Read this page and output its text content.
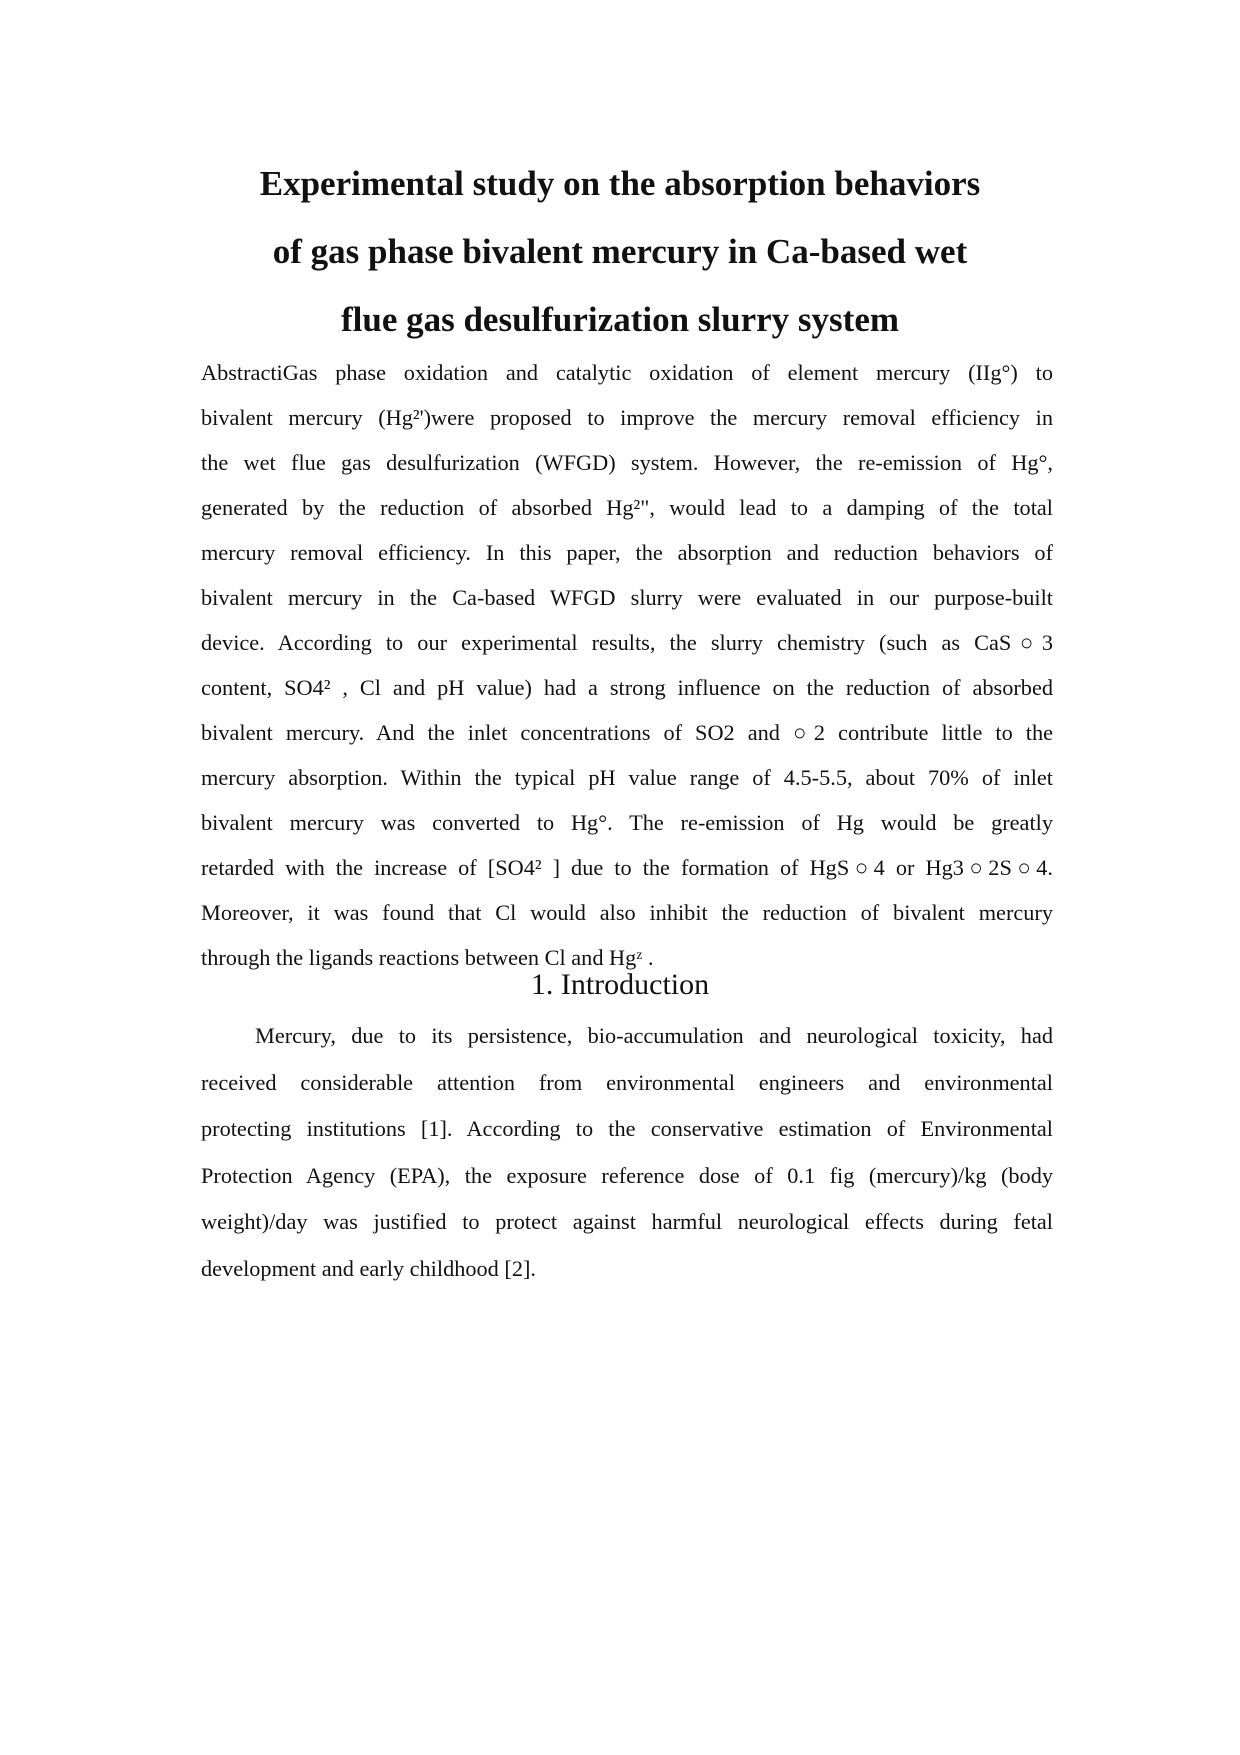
Experimental study on the absorption behaviors
of gas phase bivalent mercury in Ca-based wet
flue gas desulfurization slurry system
AbstractiGas phase oxidation and catalytic oxidation of element mercury (IIg°) to
bivalent mercury (Hg²')were proposed to improve the mercury removal efficiency in
the wet flue gas desulfurization (WFGD) system. However, the re-emission of Hg°,
generated by the reduction of absorbed Hg²", would lead to a damping of the total
mercury removal efficiency. In this paper, the absorption and reduction behaviors of
bivalent mercury in the Ca-based WFGD slurry were evaluated in our purpose-built
device. According to our experimental results, the slurry chemistry (such as CaS○3
content, SO4² , Cl and pH value) had a strong influence on the reduction of absorbed
bivalent mercury. And the inlet concentrations of SO2 and ○2 contribute little to the
mercury absorption. Within the typical pH value range of 4.5-5.5, about 70% of inlet
bivalent mercury was converted to Hg°. The re-emission of Hg would be greatly
retarded with the increase of [SO4² ] due to the formation of HgS○4 or Hg3○2S○4.
Moreover, it was found that Cl would also inhibit the reduction of bivalent mercury
through the ligands reactions between Cl and Hgᶻ .
1. Introduction
Mercury, due to its persistence, bio-accumulation and neurological toxicity, had
received considerable attention from environmental engineers and environmental
protecting institutions [1]. According to the conservative estimation of Environmental
Protection Agency (EPA), the exposure reference dose of 0.1 fig (mercury)/kg (body
weight)/day was justified to protect against harmful neurological effects during fetal
development and early childhood [2].
